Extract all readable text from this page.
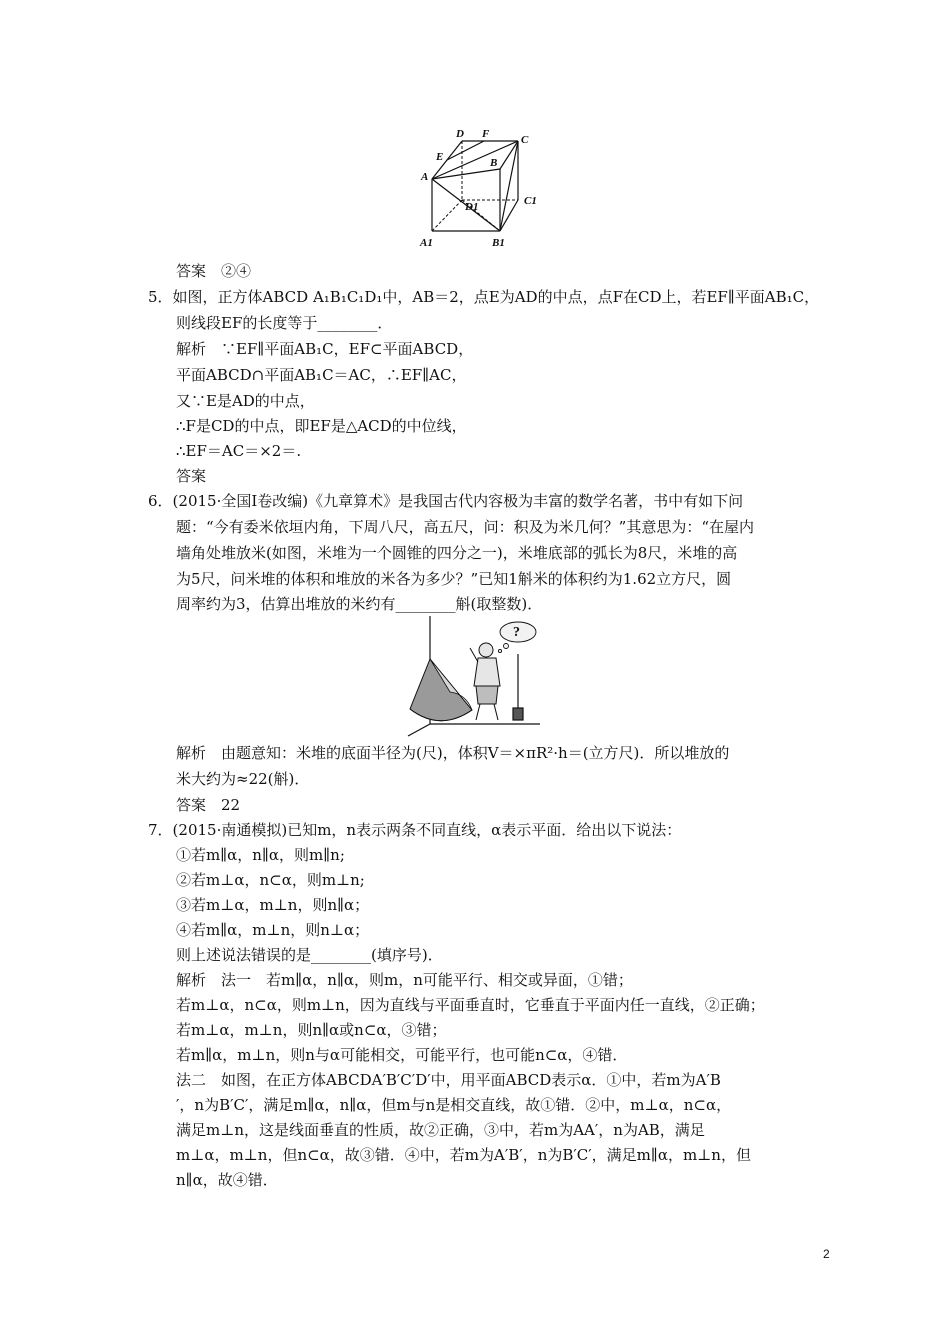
D F	C
E	B
A
D1	C1
A1	B1
答案　②④
5．如图，正方体ABCD A₁B₁C₁D₁中，AB＝2，点E为AD的中点，点F在CD上，若EF∥平面AB₁C，
则线段EF的长度等于________．
解析　∵EF∥平面AB₁C，EF⊂平面ABCD，
平面ABCD∩平面AB₁C＝AC，∴EF∥AC，
又∵E是AD的中点，
∴F是CD的中点，即EF是△ACD的中位线，
∴EF＝AC＝×2＝.
答案
6．(2015·全国Ⅰ卷改编)《九章算术》是我国古代内容极为丰富的数学名著，书中有如下问
题：“今有委米依垣内角，下周八尺，高五尺，问：积及为米几何？”其意思为：“在屋内
墙角处堆放米(如图，米堆为一个圆锥的四分之一)，米堆底部的弧长为8尺，米堆的高
为5尺，问米堆的体积和堆放的米各为多少？”已知1斛米的体积约为1.62立方尺，圆
周率约为3，估算出堆放的米约有________斛(取整数)．
?
解析　由题意知：米堆的底面半径为(尺)，体积V＝×πR²·h＝(立方尺)．所以堆放的
米大约为≈22(斛)．
答案　22
7．(2015·南通模拟)已知m，n表示两条不同直线，α表示平面．给出以下说法：
①若m∥α，n∥α，则m∥n;
②若m⊥α，n⊂α，则m⊥n;
③若m⊥α，m⊥n，则n∥α；
④若m∥α，m⊥n，则n⊥α；
则上述说法错误的是________(填序号)．
解析　法一　若m∥α，n∥α，则m，n可能平行、相交或异面，①错；
若m⊥α，n⊂α，则m⊥n，因为直线与平面垂直时，它垂直于平面内任一直线，②正确；
若m⊥α，m⊥n，则n∥α或n⊂α，③错；
若m∥α，m⊥n，则n与α可能相交，可能平行，也可能n⊂α，④错．
法二　如图，在正方体ABCDA′B′C′D′中，用平面ABCD表示α．①中，若m为A′B
′，n为B′C′，满足m∥α，n∥α，但m与n是相交直线，故①错．②中，m⊥α，n⊂α，
满足m⊥n，这是线面垂直的性质，故②正确，③中，若m为AA′，n为AB，满足
m⊥α，m⊥n，但n⊂α，故③错．④中，若m为A′B′，n为B′C′，满足m∥α，m⊥n，但
n∥α，故④错．
2
